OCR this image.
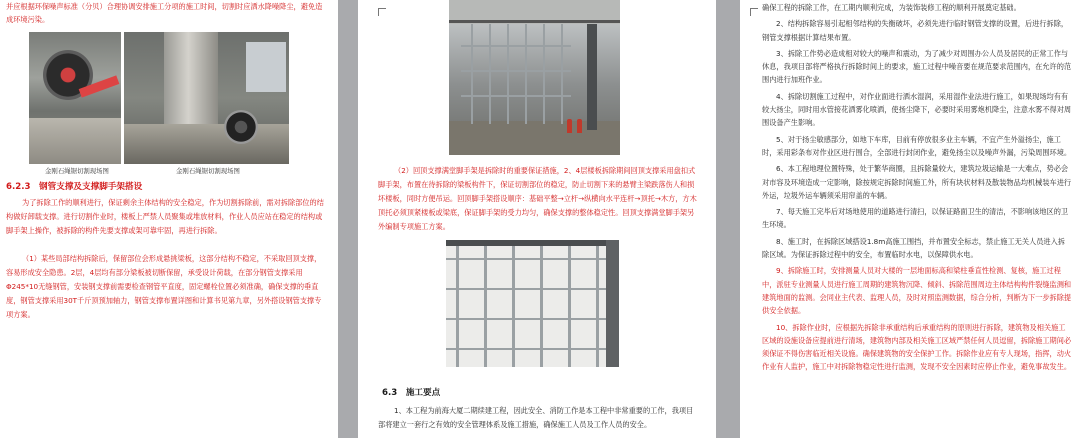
并应根据环保噪声标准（分贝）合理协调安排施工分项的施工时间，切割时应洒水降噪降尘，避免造成环境污染。
金刚石绳锯切割现场图	金刚石绳锯切割现场图
6.2.3　钢管支撑及支撑脚手架搭设
为了拆除工作的顺利进行，保证剩余主体结构的安全稳定，作为切割拆除前，需对拆除部位的结构做好卸载支撑。进行切割作业时，楼板上严禁人员聚集或堆放材料，作业人员应站在稳定的结构或脚手架上操作，被拆除的构件先要支撑或架可靠牢固，再进行拆除。
（1）某些局部结构拆除后，保留部位会形成悬挑梁板，这部分结构不稳定，不采取回顶支撑，容易形成安全隐患。2层，4层均有部分梁板被切断保留，承受设计荷载，在部分钢管支撑采用Φ245*10无缝钢管，安装钢支撑前需要检查钢管平直度，固定螺栓位置必须准确，确保支撑的垂直度，钢管支撑采用30T千斤顶预加轴力，钢管支撑布置详图和计算书见第九章，另外搭设钢管支撑专项方案。
（2）回顶支撑满堂脚手架是拆除时的重要保证措施，2、4层楼板拆除期间回顶支撑采用盘扣式脚手架，布置在待拆除的梁板构件下，保证切割部位的稳定，防止切割下来的悬臂主梁跌落伤人和损坏楼板，同时方便吊运。回顶脚手架搭设顺序：基础平整→立杆→纵横向水平连杆→顶托→木方，方木顶托必须顶紧楼板或梁底，保证脚手架的受力均匀，确保支撑的整体稳定性。回顶支撑满堂脚手架另外编制专项施工方案。
6.3　施工要点
1、本工程为前海大厦二期续建工程，因此安全、消防工作是本工程中非常重要的工作，我项目部将建立一套行之有效的安全管理体系及施工措施，确保施工人员及工作人员的安全。
确保工程的拆除工作，在工期内顺利完成，为装饰装修工程的顺利开展奠定基础。
2、结构拆除容易引起相邻结构的失衡破坏，必须先进行临时钢管支撑的设置，后进行拆除，钢管支撑根据计算结果布置。
3、拆除工作势必造成相对较大的噪声和震动，为了减少对周围办公人员及居民的正常工作与休息，我项目部将严格执行拆除时间上的要求，施工过程中噪音要在规范要求范围内，在允许的范围内进行加班作业。
4、拆除切割施工过程中，对作业面进行洒水湿润，采用湿作业法进行施工，如果现场均有有较大扬尘，同时用水管接花洒雾化喷洒，使扬尘降下，必要时采用雾炮机降尘，注意水雾不得对周围设备产生影响。
5、对于扬尘敏感部分，如地下车库，目前有停放很多业主车辆，不宜产生外溢扬尘，施工时，采用彩条布对作业区进行围合，全部进行封闭作业，避免扬尘以及噪声外漏，污染周围环境。
6、本工程地理位置特殊，处于繁华商圈，且拆除量较大，建筑垃圾运输是一大难点，势必会对市容及环境造成一定影响，除按规定拆除时间施工外，所有块状材料及散装物品均机械装车进行外运，垃圾外运车辆须采用帘盖的车辆。
7、每天施工完毕后对场地使用的道路进行清扫，以保证路面卫生的清洁，不影响该地区的卫生环境。
8、施工时，在拆除区域搭设1.8m高施工围挡，并布置安全标志，禁止施工无关人员进入拆除区域。为保证拆除过程中的安全，布置临时水电，以保障供水电。
9、拆除施工时，安排测量人员对大楼的一层地面标高和梁柱垂直性检测、复核，施工过程中，派驻专业测量人员进行施工周期的建筑物沉降、倾斜、拆除范围周边主体结构构件裂缝监测和建筑地面的监测。会同业主代表、监理人员，及时对照监测数据，综合分析，判断为下一步拆除提供安全依据。
10、拆除作业时，应根据先拆除非承重结构后承重结构的原则进行拆除，建筑物及相关施工区域的设施设备应提前进行清场，建筑物内部及相关施工区域严禁任何人员逗留，拆除施工期间必须保证不得伤害临近相关设施。确保建筑物的安全保护工作。拆除作业应有专人现场，指挥，动火作业有人监护，施工中对拆除物稳定性进行监测，发现不安全因素时应停止作业，避免事故发生。
